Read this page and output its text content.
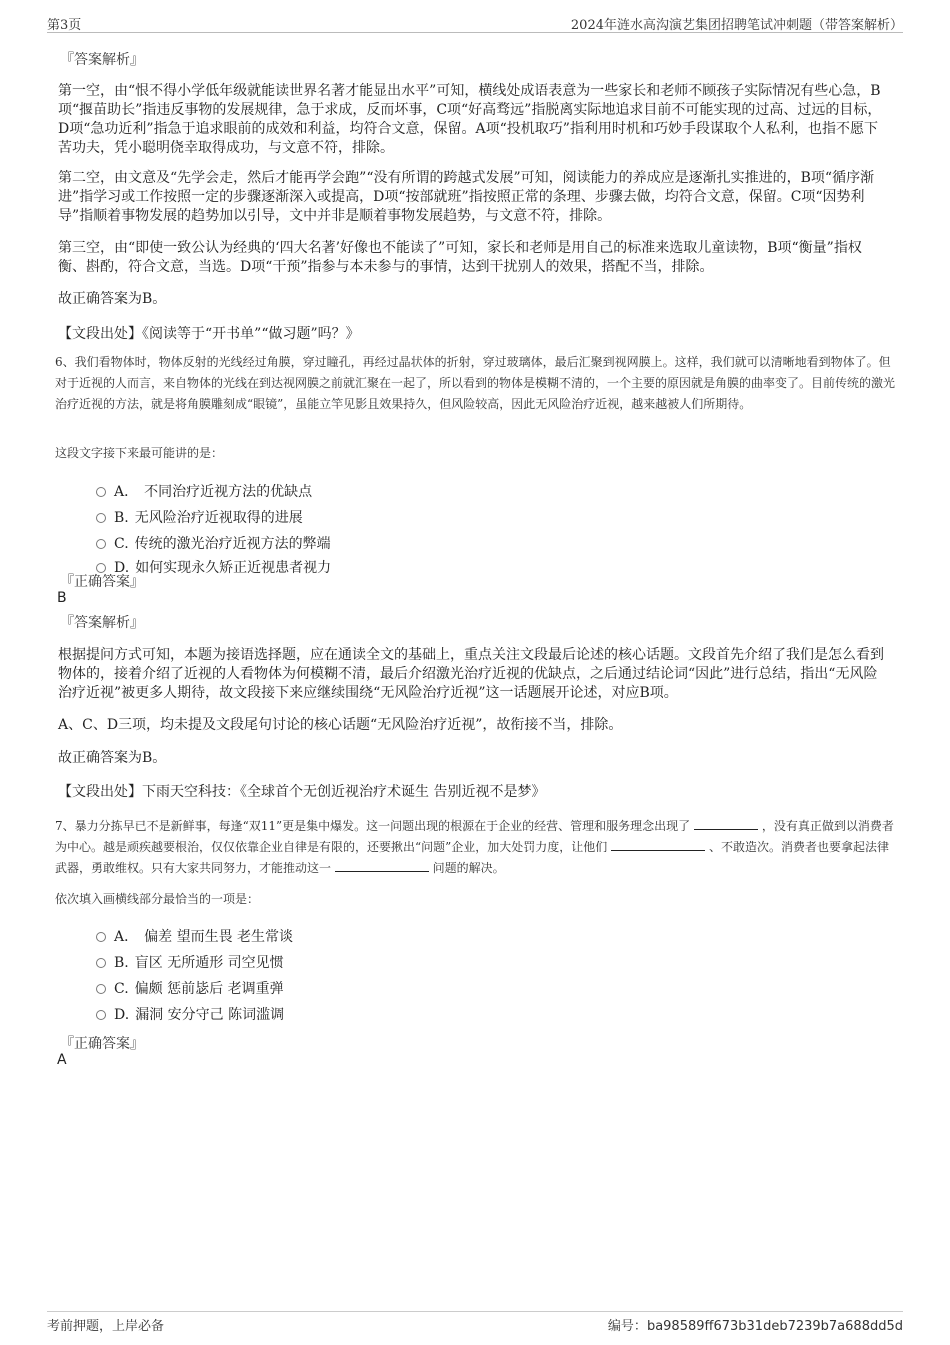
第3页	2024年涟水高沟演艺集团招聘笔试冲刺题（带答案解析）
『答案解析』
第一空，由“恨不得小学低年级就能读世界名著才能显出水平”可知，横线处成语表意为一些家长和老师不顾孩子实际情况有些心急，B项“揠苗助长”指违反事物的发展规律，急于求成，反而坏事，C项“好高骛远”指脱离实际地追求目前不可能实现的过高、过远的目标，D项“急功近利”指急于追求眼前的成效和利益，均符合文意，保留。A项“投机取巧”指利用时机和巧妙手段谋取个人私利，也指不愿下苦功夫，凭小聪明侥幸取得成功，与文意不符，排除。
第二空，由文意及“先学会走，然后才能再学会跑”“没有所谓的跨越式发展”可知，阅读能力的养成应是逐渐扎实推进的，B项“循序渐进”指学习或工作按照一定的步骤逐渐深入或提高，D项“按部就班”指按照正常的条理、步骤去做，均符合文意，保留。C项“因势利导”指顺着事物发展的趋势加以引导，文中并非是顺着事物发展趋势，与文意不符，排除。
第三空，由“即使一致公认为经典的‘四大名著’好像也不能读了”可知，家长和老师是用自己的标准来选取儿童读物，B项“衡量”指权衡、斟酌，符合文意，当选。D项“干预”指参与本未参与的事情，达到干扰别人的效果，搭配不当，排除。
故正确答案为B。
【文段出处】《阅读等于“开书单”“做习题”吗？》
6、我们看物体时，物体反射的光线经过角膜，穿过瞳孔，再经过晶状体的折射，穿过玻璃体，最后汇聚到视网膜上。这样，我们就可以清晰地看到物体了。但对于近视的人而言，来自物体的光线在到达视网膜之前就汇聚在一起了，所以看到的物体是模糊不清的，一个主要的原因就是角膜的曲率变了。目前传统的激光治疗近视的方法，就是将角膜雕刻成“眼镜”，虽能立竿见影且效果持久，但风险较高，因此无风险治疗近视，越来越被人们所期待。
这段文字接下来最可能讲的是：
A． 不同治疗近视方法的优缺点
B. 无风险治疗近视取得的进展
C. 传统的激光治疗近视方法的弊端
D. 如何实现永久矫正近视患者视力
『正确答案』
B
『答案解析』
根据提问方式可知，本题为接语选择题，应在通读全文的基础上，重点关注文段最后论述的核心话题。文段首先介绍了我们是怎么看到物体的，接着介绍了近视的人看物体为何模糊不清，最后介绍激光治疗近视的优缺点，之后通过结论词“因此”进行总结，指出“无风险治疗近视”被更多人期待，故文段接下来应继续围绕“无风险治疗近视”这一话题展开论述，对应B项。
A、C、D三项，均未提及文段尾句讨论的核心话题“无风险治疗近视”，故衔接不当，排除。
故正确答案为B。
【文段出处】下雨天空科技：《全球首个无创近视治疗术诞生 告别近视不是梦》
7、暴力分拣早已不是新鲜事，每逢“双11”更是集中爆发。这一问题出现的根源在于企业的经营、管理和服务理念出现了	，没有真正做到以消费者为中心。越是顽疾越要根治，仅仅依靠企业自律是有限的，还要揪出“问题”企业，加大处罚力度，让他们	、不敢造次。消费者也要拿起法律武器，勇敢维权。只有大家共同努力，才能推动这一	问题的解决。
依次填入画横线部分最恰当的一项是：
A． 偏差 望而生畏 老生常谈
B. 盲区 无所遁形 司空见惯
C. 偏颇 惩前毖后 老调重弹
D. 漏洞 安分守己 陈词滥调
『正确答案』
A
考前押题，上岸必备	编号：ba98589ff673b31deb7239b7a688dd5d
